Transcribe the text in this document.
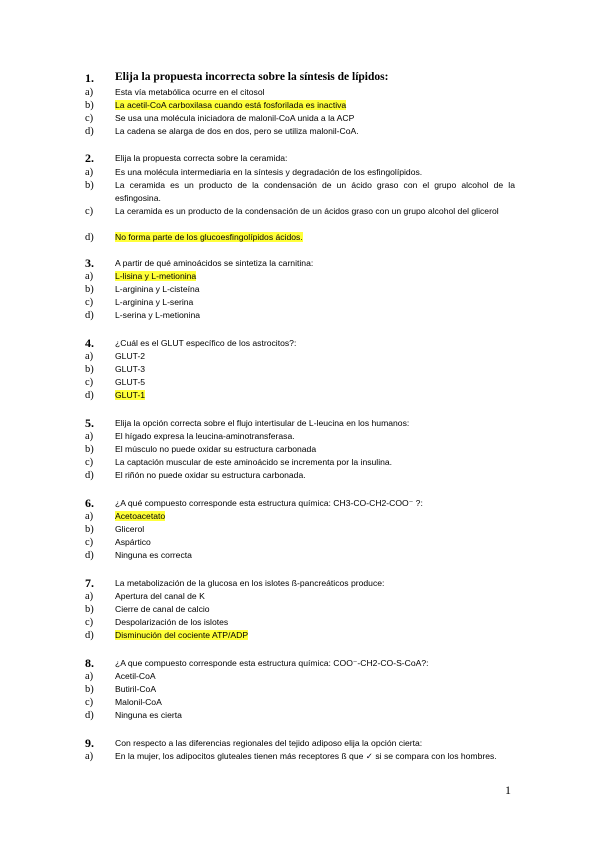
1. Elija la propuesta incorrecta sobre la síntesis de lípidos:
a)	Esta vía metabólica ocurre en el citosol
b) La acetil-CoA carboxilasa cuando está fosforilada es inactiva
c)	Se usa una molécula iniciadora de malonil-CoA unida a la ACP
d) La cadena se alarga de dos en dos, pero se utiliza malonil-CoA.
2. Elija la propuesta correcta sobre la ceramida:
a)	Es una molécula intermediaria en la síntesis y degradación de los esfingolípidos.
b) La ceramida es un producto de la condensación de un ácido graso con el grupo alcohol de la esfingosina.
c)	La ceramida es un producto de la condensación de un ácidos graso con un grupo alcohol del glicerol
d) No forma parte de los glucoesfingolípidos ácidos.
3. A partir de qué aminoácidos se sintetiza la carnitina:
a)	L-lisina y L-metionina
b) L-arginina y L-cisteína
c)	L-arginina y L-serina
d) L-serina y L-metionina
4. ¿Cuál es el GLUT específico de los astrocitos?:
a)	GLUT-2
b) GLUT-3
c)	GLUT-5
d) GLUT-1
5. Elija la opción correcta sobre el flujo intertisular de L-leucina en los humanos:
a)	El hígado expresa la leucina-aminotransferasa.
b) El músculo no puede oxidar su estructura carbonada
c)	La captación muscular de este aminoácido se incrementa por la insulina.
d) El riñón no puede oxidar su estructura carbonada.
6. ¿A qué compuesto corresponde esta estructura química: CH3-CO-CH2-COO⁻ ?:
a)	Acetoacetato
b) Glicerol
c)	Aspártico
d) Ninguna es correcta
7. La metabolización de la glucosa en los islotes ß-pancreáticos produce:
a)	Apertura del canal de K
b) Cierre de canal de calcio
c)	Despolarización de los islotes
d) Disminución del cociente ATP/ADP
8. ¿A que compuesto corresponde esta estructura química: COO⁻-CH2-CO-S-CoA?:
a)	Acetil-CoA
b) Butiril-CoA
c)	Malonil-CoA
d) Ninguna es cierta
9. Con respecto a las diferencias regionales del tejido adiposo elija la opción cierta:
a)	En la mujer, los adipocitos gluteales tienen más receptores ß que ✓ si se compara con los hombres.
1
